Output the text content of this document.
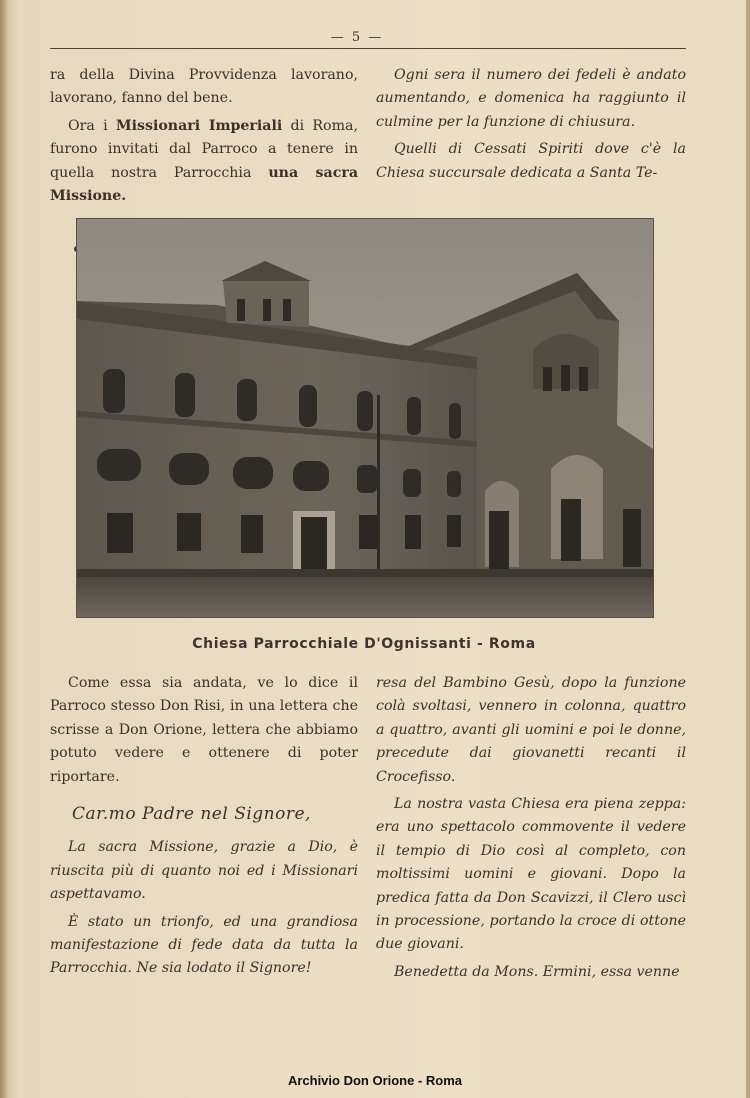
— 5 —

ra della Divina Provvidenza lavorano, lavorano, fanno del bene.

Ora i Missionari Imperiali di Roma, furono invitati dal Parroco a tenere in quella nostra Parrocchia una sacra Missione.

Ogni sera il numero dei fedeli è andato aumentando, e domenica ha raggiunto il culmine per la funzione di chiusura.

Quelli di Cessati Spiriti dove c'è la Chiesa succursale dedicata a Santa Te-

Chiesa Parrocchiale D'Ognissanti - Roma

Come essa sia andata, ve lo dice il Parroco stesso Don Risi, in una lettera che scrisse a Don Orione, lettera che abbiamo potuto vedere e ottenere di poter riportare.

Car.mo Padre nel Signore,

La sacra Missione, grazie a Dio, è riuscita più di quanto noi ed i Missionari aspettavamo.

È stato un trionfo, ed una grandiosa manifestazione di fede data da tutta la Parrocchia. Ne sia lodato il Signore!

resa del Bambino Gesù, dopo la funzione colà svoltasi, vennero in colonna, quattro a quattro, avanti gli uomini e poi le donne, precedute dai giovanetti recanti il Crocefisso.

La nostra vasta Chiesa era piena zeppa: era uno spettacolo commovente il vedere il tempio di Dio così al completo, con moltissimi uomini e giovani. Dopo la predica fatta da Don Scavizzi, il Clero uscì in processione, portando la croce di ottone due giovani.

Benedetta da Mons. Ermini, essa venne

Archivio Don Orione - Roma
